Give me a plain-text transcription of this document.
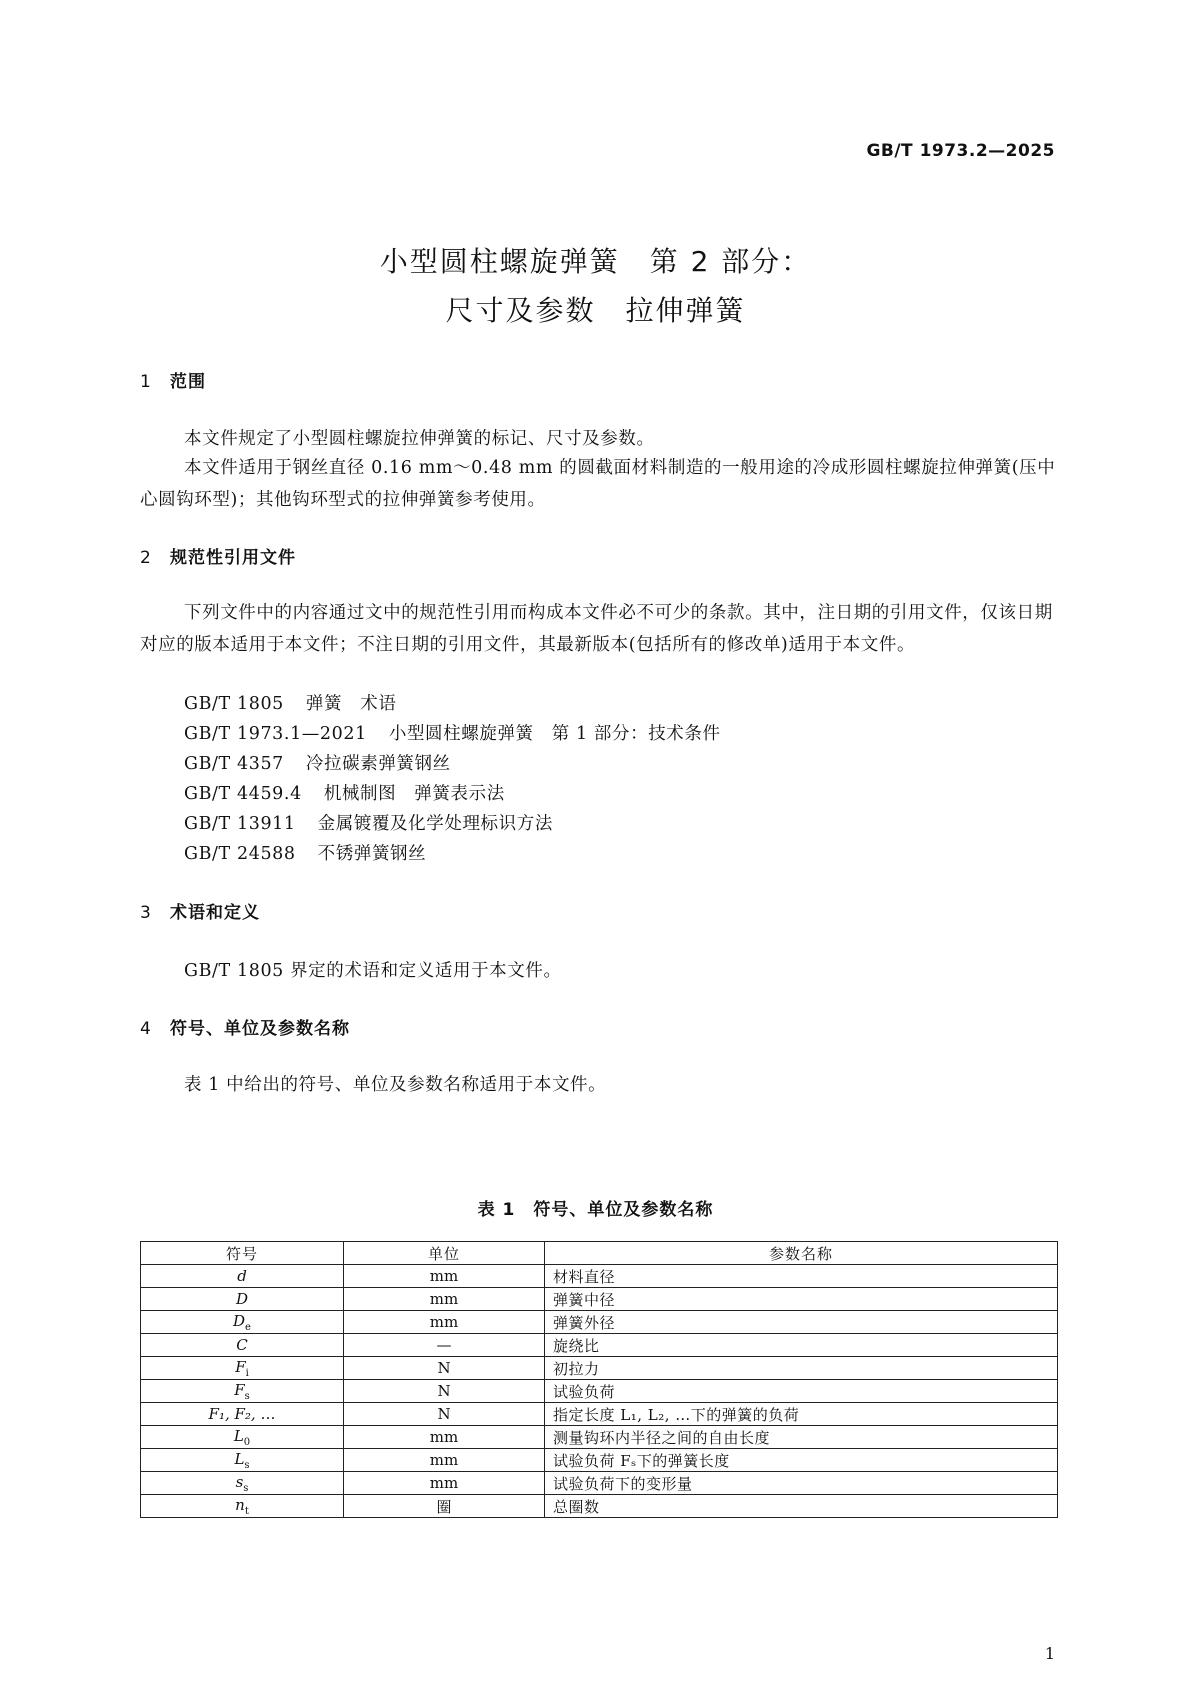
GB/T 1973.2—2025
小型圆柱螺旋弹簧　第 2 部分：
尺寸及参数　拉伸弹簧
1 范围
本文件规定了小型圆柱螺旋拉伸弹簧的标记、尺寸及参数。
本文件适用于钢丝直径 0.16 mm～0.48 mm 的圆截面材料制造的一般用途的冷成形圆柱螺旋拉伸弹簧(压中心圆钩环型)；其他钩环型式的拉伸弹簧参考使用。
2 规范性引用文件
下列文件中的内容通过文中的规范性引用而构成本文件必不可少的条款。其中，注日期的引用文件，仅该日期对应的版本适用于本文件；不注日期的引用文件，其最新版本(包括所有的修改单)适用于本文件。
GB/T 1805 弹簧　术语
GB/T 1973.1—2021 小型圆柱螺旋弹簧　第 1 部分：技术条件
GB/T 4357 冷拉碳素弹簧钢丝
GB/T 4459.4 机械制图　弹簧表示法
GB/T 13911 金属镀覆及化学处理标识方法
GB/T 24588 不锈弹簧钢丝
3 术语和定义
GB/T 1805 界定的术语和定义适用于本文件。
4 符号、单位及参数名称
表 1 中给出的符号、单位及参数名称适用于本文件。
表 1　符号、单位及参数名称
符号	单位	参数名称
d	mm	材料直径
D	mm	弹簧中径
$D_e$	mm	弹簧外径
C	—	旋绕比
$F_i$	N	初拉力
$F_s$	N	试验负荷
F₁, F₂, …	N	指定长度 L₁, L₂, …下的弹簧的负荷
$L_0$	mm	测量钩环内半径之间的自由长度
$L_s$	mm	试验负荷 Fₛ下的弹簧长度
$s_s$	mm	试验负荷下的变形量
$n_t$	圈	总圈数
1
